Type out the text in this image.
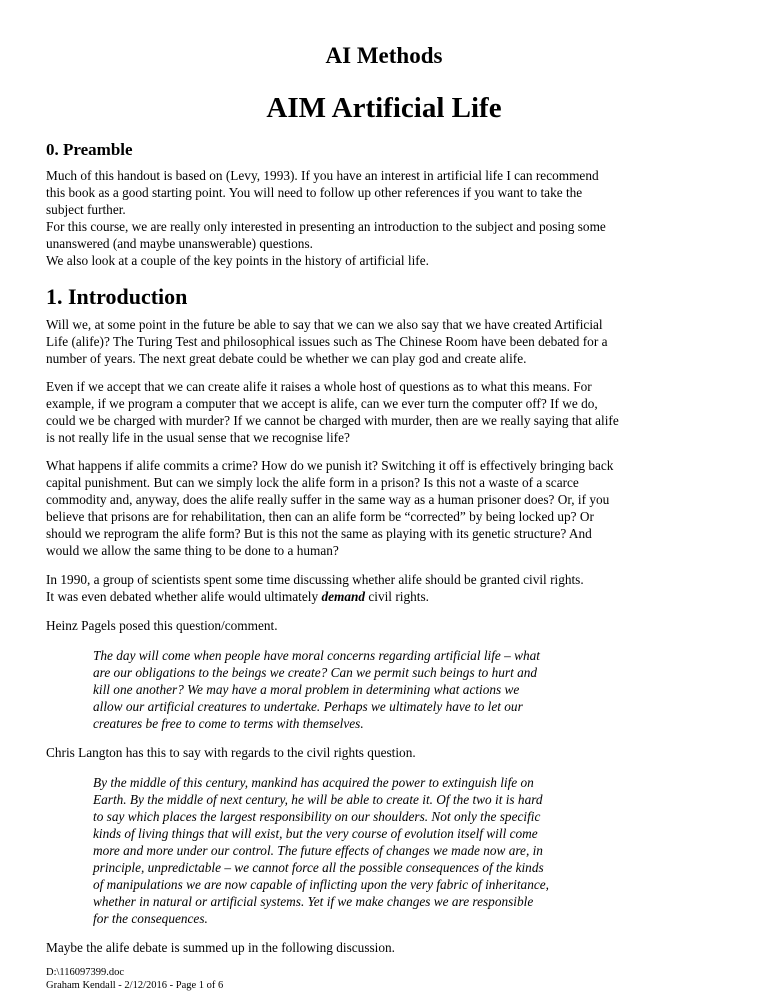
AI Methods
AIM Artificial Life
0. Preamble
Much of this handout is based on (Levy, 1993). If you have an interest in artificial life I can recommend
this book as a good starting point. You will need to follow up other references if you want to take the
subject further.
For this course, we are really only interested in presenting an introduction to the subject and posing some
unanswered (and maybe unanswerable) questions.
We also look at a couple of the key points in the history of artificial life.
1. Introduction
Will we, at some point in the future be able to say that we can we also say that we have created Artificial
Life (alife)? The Turing Test and philosophical issues such as The Chinese Room have been debated for a
number of years. The next great debate could be whether we can play god and create alife.
Even if we accept that we can create alife it raises a whole host of questions as to what this means. For
example, if we program a computer that we accept is alife, can we ever turn the computer off? If we do,
could we be charged with murder? If we cannot be charged with murder, then are we really saying that alife
is not really life in the usual sense that we recognise life?
What happens if alife commits a crime? How do we punish it? Switching it off is effectively bringing back
capital punishment. But can we simply lock the alife form in a prison? Is this not a waste of a scarce
commodity and, anyway, does the alife really suffer in the same way as a human prisoner does? Or, if you
believe that prisons are for rehabilitation, then can an alife form be “corrected” by being locked up? Or
should we reprogram the alife form? But is this not the same as playing with its genetic structure? And
would we allow the same thing to be done to a human?
In 1990, a group of scientists spent some time discussing whether alife should be granted civil rights.
It was even debated whether alife would ultimately demand civil rights.
Heinz Pagels posed this question/comment.
The day will come when people have moral concerns regarding artificial life – what
are our obligations to the beings we create? Can we permit such beings to hurt and
kill one another? We may have a moral problem in determining what actions we
allow our artificial creatures to undertake. Perhaps we ultimately have to let our
creatures be free to come to terms with themselves.
Chris Langton has this to say with regards to the civil rights question.
By the middle of this century, mankind has acquired the power to extinguish life on
Earth. By the middle of next century, he will be able to create it. Of the two it is hard
to say which places the largest responsibility on our shoulders. Not only the specific
kinds of living things that will exist, but the very course of evolution itself will come
more and more under our control. The future effects of changes we made now are, in
principle, unpredictable – we cannot force all the possible consequences of the kinds
of manipulations we are now capable of inflicting upon the very fabric of inheritance,
whether in natural or artificial systems. Yet if we make changes we are responsible
for the consequences.
Maybe the alife debate is summed up in the following discussion.
D:\116097399.doc
Graham Kendall - 2/12/2016 - Page 1 of 6
